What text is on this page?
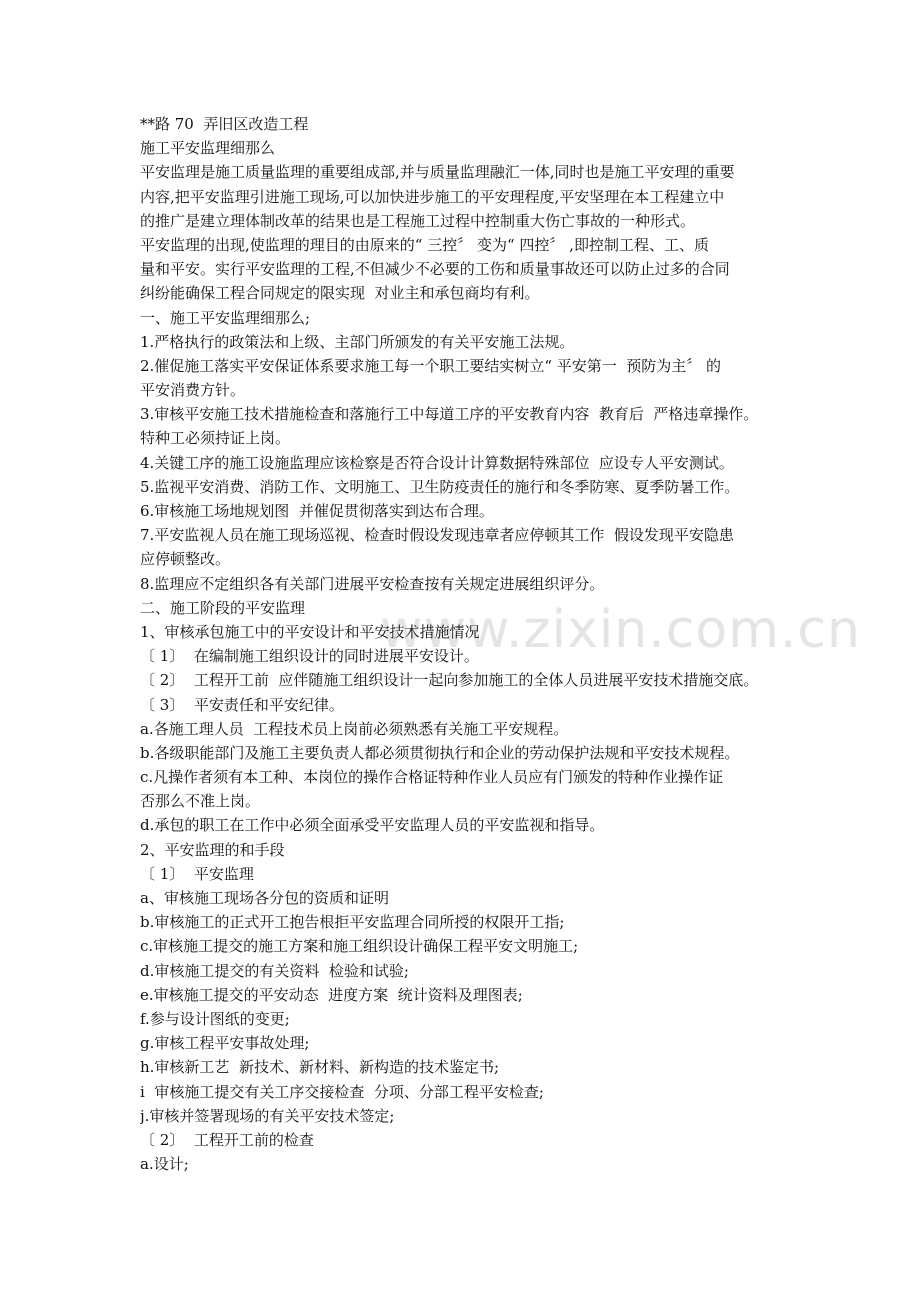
www.zixin.com.cn
**路 70  弄旧区改造工程
施工平安监理细那么
平安监理是施工质量监理的重要组成部,并与质量监理融汇一体,同时也是施工平安理的重要
内容,把平安监理引进施工现场,可以加快进步施工的平安理程度,平安坚理在本工程建立中
的推广是建立理体制改革的结果也是工程施工过程中控制重大伤亡事故的一种形式。
平安监理的出现,使监理的理目的由原来的“ 三控〞 变为“ 四控〞 ,即控制工程、工、质
量和平安。实行平安监理的工程,不但减少不必要的工伤和质量事故还可以防止过多的合同
纠纷能确保工程合同规定的限实现  对业主和承包商均有利。
一、施工平安监理细那么;
1.严格执行的政策法和上级、主部门所颁发的有关平安施工法规。
2.催促施工落实平安保证体系要求施工每一个职工要结实树立“ 平安第一  预防为主〞 的
平安消费方针。
3.审核平安施工技术措施检查和落施行工中每道工序的平安教育内容  教育后  严格违章操作。
特种工必须持证上岗。
4.关键工序的施工设施监理应该检察是否符合设计计算数据特殊部位  应设专人平安测试。
5.监视平安消费、消防工作、文明施工、卫生防疫责任的施行和冬季防寒、夏季防暑工作。
6.审核施工场地规划图  并催促贯彻落实到达布合理。
7.平安监视人员在施工现场巡视、检查时假设发现违章者应停顿其工作  假设发现平安隐患
应停顿整改。
8.监理应不定组织各有关部门进展平安检查按有关规定进展组织评分。
二、施工阶段的平安监理
1、审核承包施工中的平安设计和平安技术措施情况
〔 1〕  在编制施工组织设计的同时进展平安设计。
〔 2〕  工程开工前  应伴随施工组织设计一起向参加施工的全体人员进展平安技术措施交底。
〔 3〕  平安责任和平安纪律。
a.各施工理人员  工程技术员上岗前必须熟悉有关施工平安规程。
b.各级职能部门及施工主要负责人都必须贯彻执行和企业的劳动保护法规和平安技术规程。
c.凡操作者须有本工种、本岗位的操作合格证特种作业人员应有门颁发的特种作业操作证
否那么不准上岗。
d.承包的职工在工作中必须全面承受平安监理人员的平安监视和指导。
2、平安监理的和手段
〔 1〕  平安监理
a、审核施工现场各分包的资质和证明
b.审核施工的正式开工抱告根拒平安监理合同所授的权限开工指;
c.审核施工提交的施工方案和施工组织设计确保工程平安文明施工;
d.审核施工提交的有关资料  检验和试验;
e.审核施工提交的平安动态  进度方案  统计资料及理图表;
f.参与设计图纸的变更;
g.审核工程平安事故处理;
h.审核新工艺  新技术、新材料、新构造的技术鉴定书;
i  审核施工提交有关工序交接检查  分项、分部工程平安检查;
j.审核并签署现场的有关平安技术签定;
〔 2〕  工程开工前的检查
a.设计;
